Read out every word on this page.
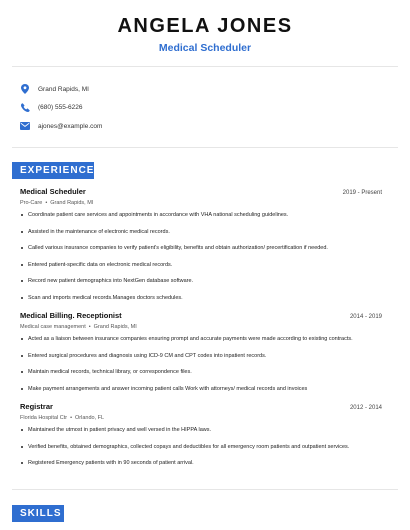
ANGELA JONES
Medical Scheduler
Grand Rapids, MI
(680) 555-6226
ajones@example.com
EXPERIENCE
Medical Scheduler	2019 - Present
Pro-Care • Grand Rapids, MI
Coordinate patient care services and appointments in accordance with VHA national scheduling guidelines.
Assisted in the maintenance of electronic medical records.
Called various insurance companies to verify patient's eligibility, benefits and obtain authorization/ precertification if needed.
Entered patient-specific data on electronic medical records.
Record new patient demographics into NextGen database software.
Scan and imports medical records.Manages doctors schedules.
Medical Billing. Receptionist	2014 - 2019
Medical case management • Grand Rapids, MI
Acted as a liaison between insurance companies ensuring prompt and accurate payments were made according to existing contracts.
Entered surgical procedures and diagnosis using ICD-9 CM and CPT codes into inpatient records.
Maintain medical records, technical library, or correspondence files.
Make payment arrangements and answer incoming patient calls Work with attorneys/ medical records and invoices
Registrar	2012 - 2014
Florida Hospital Ctr • Orlando, FL
Maintained the utmost in patient privacy and well versed in the HIPPA laws.
Verified benefits, obtained demographics, collected copays and deductibles for all emergency room patients and outpatient services.
Registered Emergency patients with in 90 seconds of patient arrival.
SKILLS
